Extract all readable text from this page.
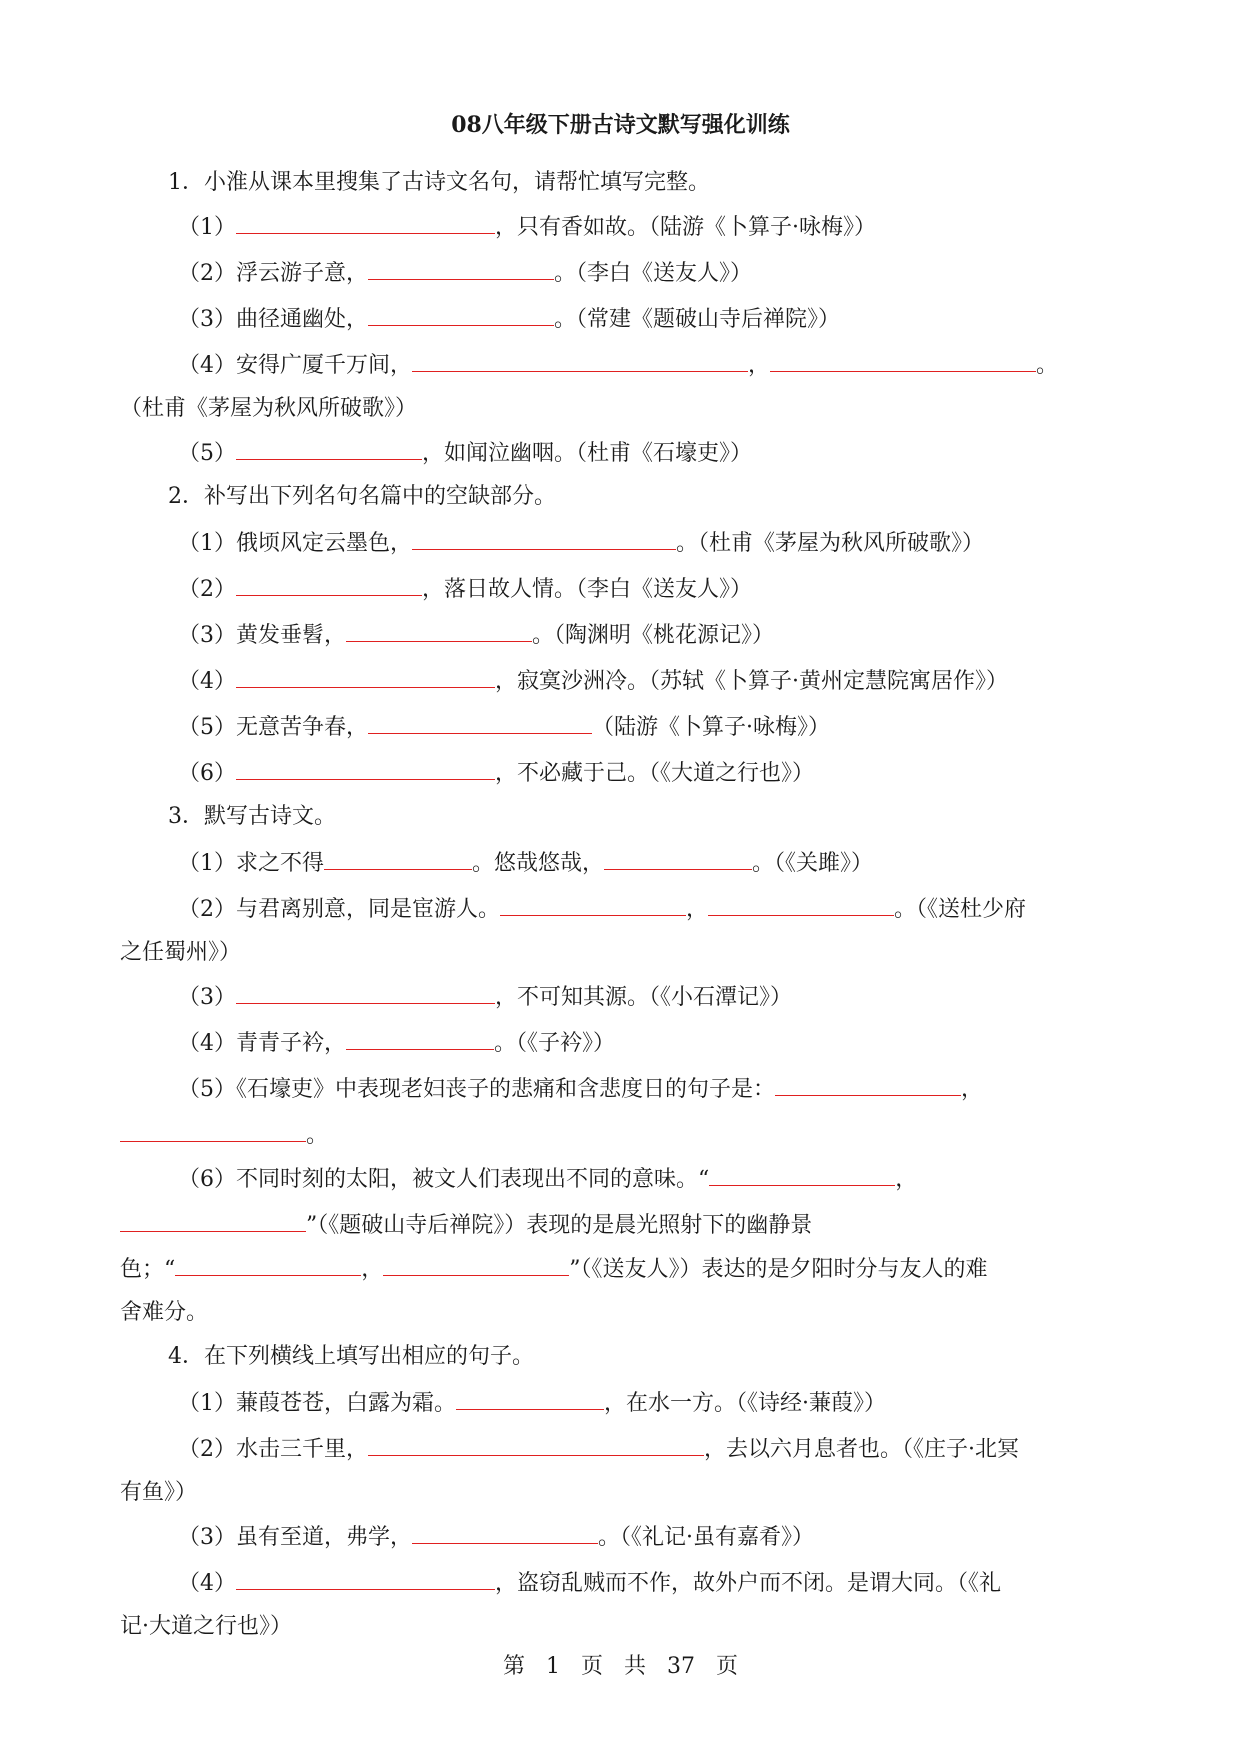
08八年级下册古诗文默写强化训练
1．小淮从课本里搜集了古诗文名句，请帮忙填写完整。
（1）	，只有香如故。（陆游《卜算子·咏梅》）
（2）浮云游子意，	。（李白《送友人》）
（3）曲径通幽处，	。（常建《题破山寺后禅院》）
（4）安得广厦千万间，	，	。
（杜甫《茅屋为秋风所破歌》）
（5）	，如闻泣幽咽。（杜甫《石壕吏》）
2．补写出下列名句名篇中的空缺部分。
（1）俄顷风定云墨色，	。（杜甫《茅屋为秋风所破歌》）
（2）	，落日故人情。（李白《送友人》）
（3）黄发垂髫，	。（陶渊明《桃花源记》）
（4）	，寂寞沙洲冷。（苏轼《卜算子·黄州定慧院寓居作》）
（5）无意苦争春，	（陆游《卜算子·咏梅》）
（6）	，不必藏于己。（《大道之行也》）
3．默写古诗文。
（1）求之不得	。悠哉悠哉，	。（《关雎》）
（2）与君离别意，同是宦游人。	，	。（《送杜少府
之任蜀州》）
（3）	，不可知其源。（《小石潭记》）
（4）青青子衿，	。（《子衿》）
（5）《石壕吏》中表现老妇丧子的悲痛和含悲度日的句子是：	，
。
（6）不同时刻的太阳，被文人们表现出不同的意味。“	，
”（《题破山寺后禅院》）表现的是晨光照射下的幽静景
色；“	，	”（《送友人》）表达的是夕阳时分与友人的难
舍难分。
4．在下列横线上填写出相应的句子。
（1）蒹葭苍苍，白露为霜。	，在水一方。（《诗经·蒹葭》）
（2）水击三千里，	，去以六月息者也。（《庄子·北冥
有鱼》）
（3）虽有至道，弗学，	。（《礼记·虽有嘉肴》）
（4）	，盗窃乱贼而不作，故外户而不闭。是谓大同。（《礼
记·大道之行也》）
第 1 页 共 37 页
